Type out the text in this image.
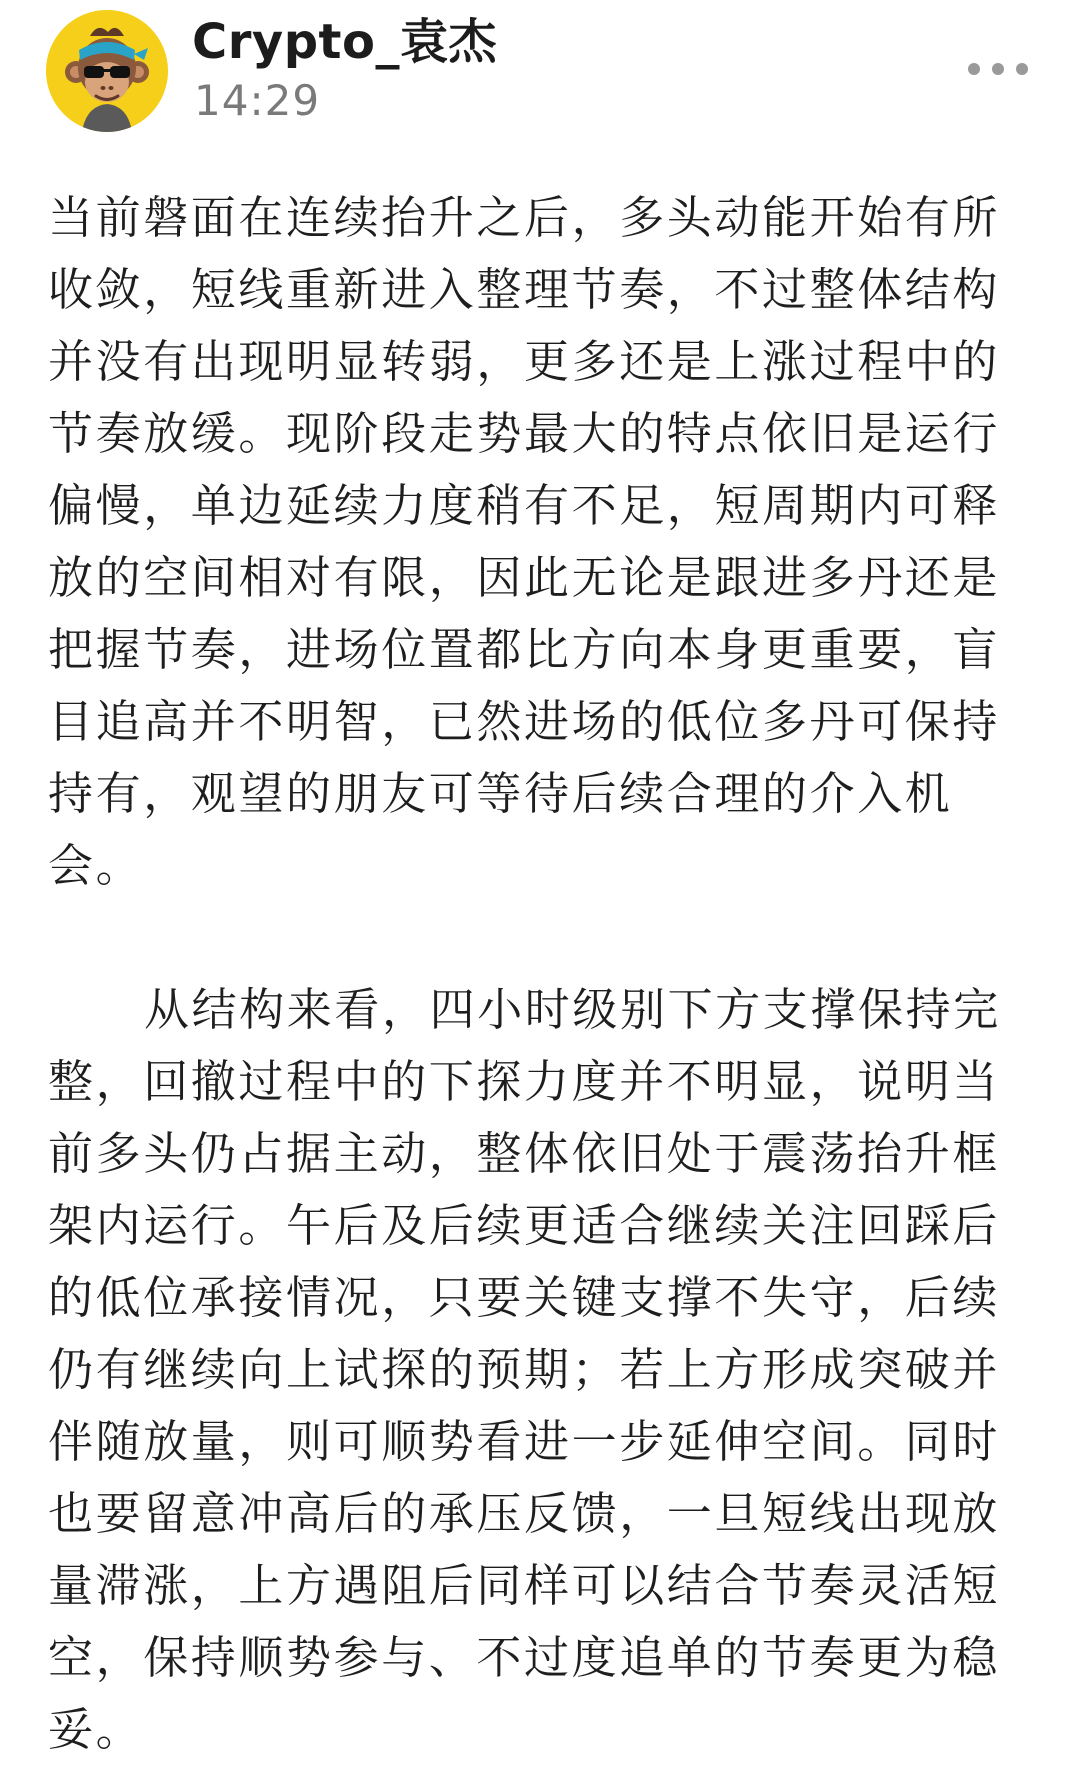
Crypto_袁杰
14:29

当前磐面在连续抬升之后，多头动能开始有所收敛，短线重新进入整理节奏，不过整体结构并没有出现明显转弱，更多还是上涨过程中的节奏放缓。现阶段走势最大的特点依旧是运行偏慢，单边延续力度稍有不足，短周期内可释放的空间相对有限，因此无论是跟进多丹还是把握节奏，进场位置都比方向本身更重要，盲目追高并不明智，已然进场的低位多丹可保持持有，观望的朋友可等待后续合理的介入机会。

从结构来看，四小时级别下方支撑保持完整，回撤过程中的下探力度并不明显，说明当前多头仍占据主动，整体依旧处于震荡抬升框架内运行。午后及后续更适合继续关注回踩后的低位承接情况，只要关键支撑不失守，后续仍有继续向上试探的预期；若上方形成突破并伴随放量，则可顺势看进一步延伸空间。同时也要留意冲高后的承压反馈，一旦短线出现放量滞涨，上方遇阻后同样可以结合节奏灵活短空，保持顺势参与、不过度追单的节奏更为稳妥。
